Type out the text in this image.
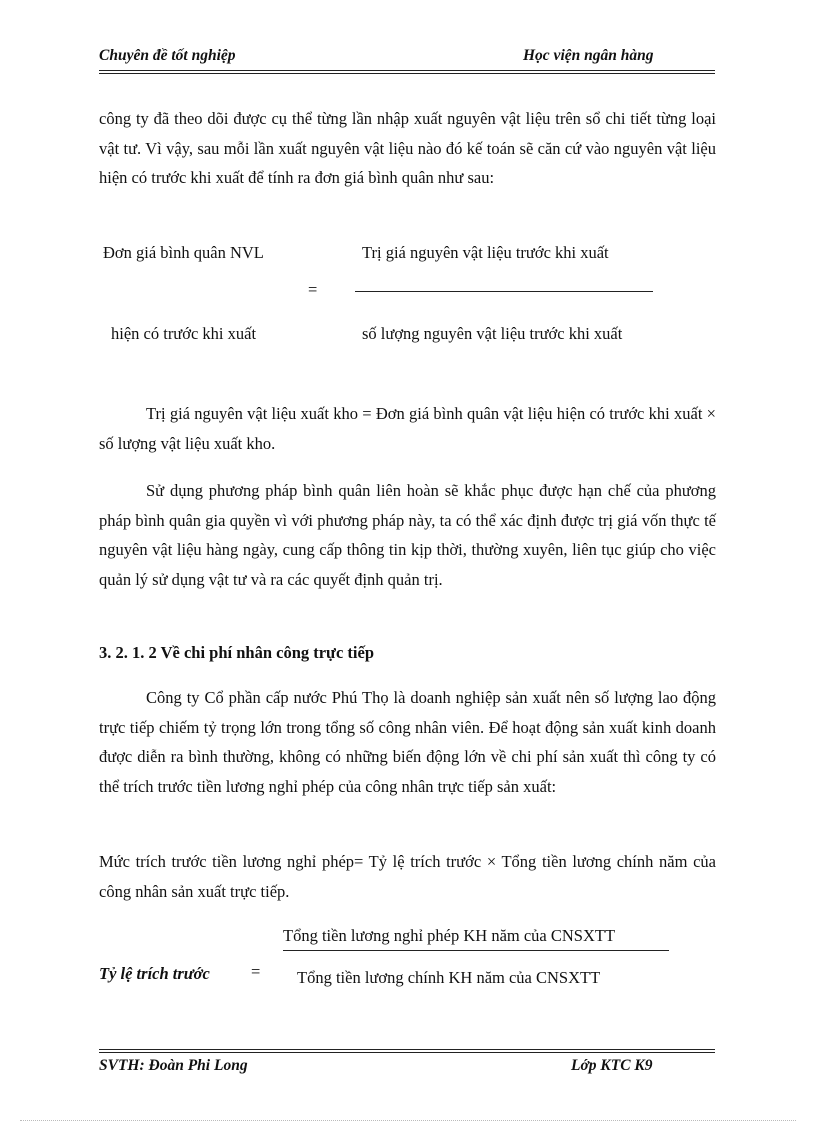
Chuyên đề tốt nghiệp	Học viện ngân hàng
công ty đã theo dõi được cụ thể từng lần nhập xuất nguyên vật liệu trên sổ chi tiết từng loại vật tư. Vì vậy, sau mỗi lần xuất nguyên vật liệu nào đó kế toán sẽ căn cứ vào nguyên vật liệu hiện có trước khi xuất để tính ra đơn giá bình quân như sau:
Đơn giá bình quân NVL	Trị giá nguyên vật liệu trước khi xuất
=
hiện có trước khi xuất	số lượng nguyên vật liệu trước khi xuất
Trị giá nguyên vật liệu xuất kho = Đơn giá bình quân vật liệu hiện có trước khi xuất × số lượng vật liệu xuất kho.
Sử dụng phương pháp bình quân liên hoàn sẽ khắc phục được hạn chế của phương pháp bình quân gia quyền vì với phương pháp này, ta có thể xác định được trị giá vốn thực tế nguyên vật liệu hàng ngày, cung cấp thông tin kịp thời, thường xuyên, liên tục giúp cho việc quản lý sử dụng vật tư và ra các quyết định quản trị.
3. 2. 1. 2 Về chi phí nhân công trực tiếp
Công ty Cổ phần cấp nước Phú Thọ là doanh nghiệp sản xuất nên số lượng lao động trực tiếp chiếm tỷ trọng lớn trong tổng số công nhân viên. Để hoạt động sản xuất kinh doanh được diễn ra bình thường, không có những biến động lớn về chi phí sản xuất thì công ty có thể trích trước tiền lương nghỉ phép của công nhân trực tiếp sản xuất:
Mức trích trước tiền lương nghỉ phép= Tỷ lệ trích trước × Tổng tiền lương chính năm của công nhân sản xuất trực tiếp.
Tổng tiền lương nghỉ phép KH năm của CNSXTT
Tỷ lệ trích trước = Tổng tiền lương chính KH năm của CNSXTT
SVTH: Đoàn Phi Long	Lớp KTC K9
